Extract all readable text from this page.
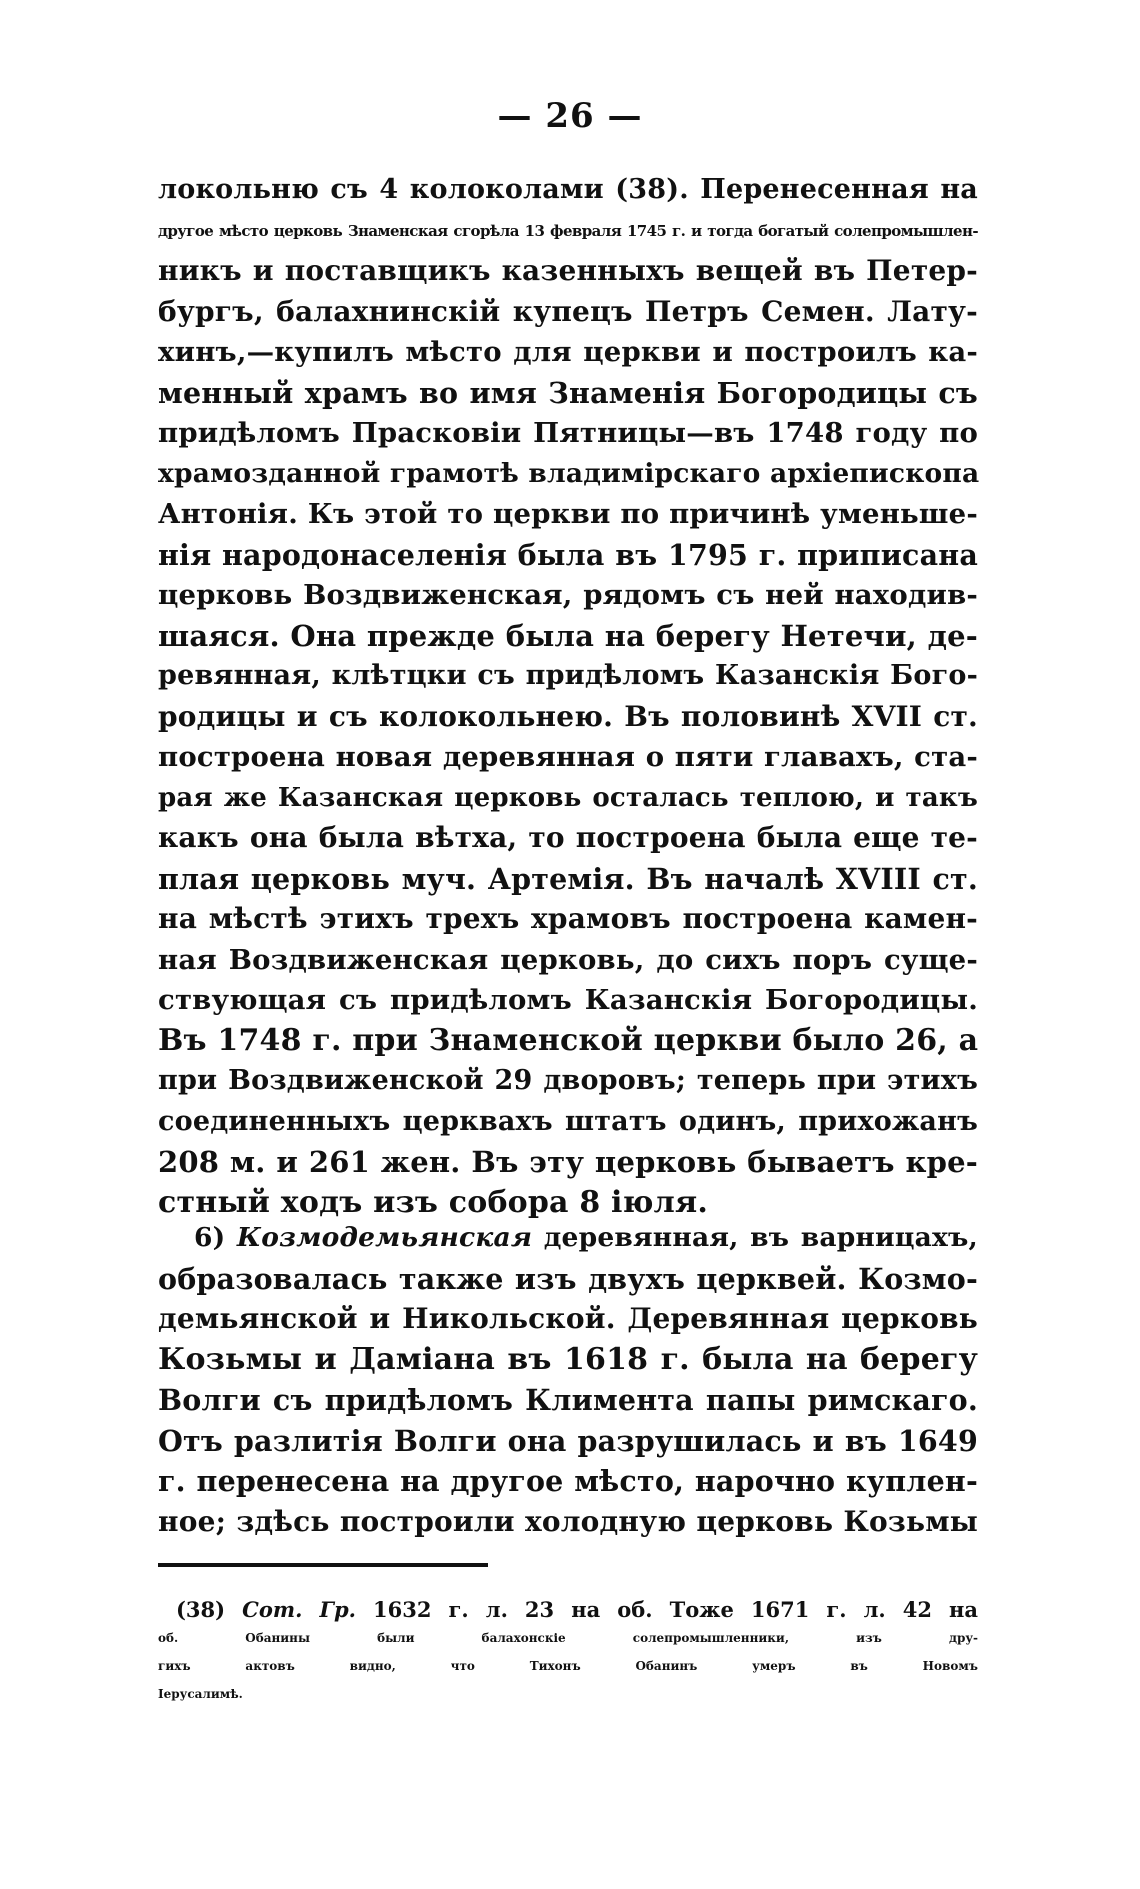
— 26 —
локольню съ 4 колоколами (38). Перенесенная на
другое мѣсто церковь Знаменская сгорѣла 13 февраля 1745 г. и тогда богатый солепромышлен-
никъ и поставщикъ казенныхъ вещей въ Петер-
бургъ, балахнинскій купецъ Петръ Семен. Лату-
хинъ,—купилъ мѣсто для церкви и построилъ ка-
менный храмъ во имя Знаменія Богородицы съ
придѣломъ Прасковіи Пятницы—въ 1748 году по
храмозданной грамотѣ владимірскаго архіепископа
Антонія. Къ этой то церкви по причинѣ уменьше-
нія народонаселенія была въ 1795 г. приписана
церковь Воздвиженская, рядомъ съ ней находив-
шаяся. Она прежде была на берегу Нетечи, де-
ревянная, клѣтцки съ придѣломъ Казанскія Бого-
родицы и съ колокольнею. Въ половинѣ XVII ст.
построена новая деревянная о пяти главахъ, ста-
рая же Казанская церковь осталась теплою, и такъ
какъ она была вѣтха, то построена была еще те-
плая церковь муч. Артемія. Въ началѣ XVIII ст.
на мѣстѣ этихъ трехъ храмовъ построена камен-
ная Воздвиженская церковь, до сихъ поръ суще-
ствующая съ придѣломъ Казанскія Богородицы.
Въ 1748 г. при Знаменской церкви было 26, а
при Воздвиженской 29 дворовъ; теперь при этихъ
соединенныхъ церквахъ штатъ одинъ, прихожанъ
208 м. и 261 жен. Въ эту церковь бываетъ кре-
стный ходъ изъ собора 8 іюля.
6) Козмодемьянская деревянная, въ варницахъ,
образовалась также изъ двухъ церквей. Козмо-
демьянской и Никольской. Деревянная церковь
Козьмы и Даміана въ 1618 г. была на берегу
Волги съ придѣломъ Климента папы римскаго.
Отъ разлитія Волги она разрушилась и въ 1649
г. перенесена на другое мѣсто, нарочно куплен-
ное; здѣсь построили холодную церковь Козьмы
(38) Сот. Гр. 1632 г. л. 23 на об. Тоже 1671 г. л. 42 на
об. Обанины были балахонскіе солепромышленники, изъ дру-
гихъ актовъ видно, что Тихонъ Обанинъ умеръ въ Новомъ
Іерусалимѣ.
